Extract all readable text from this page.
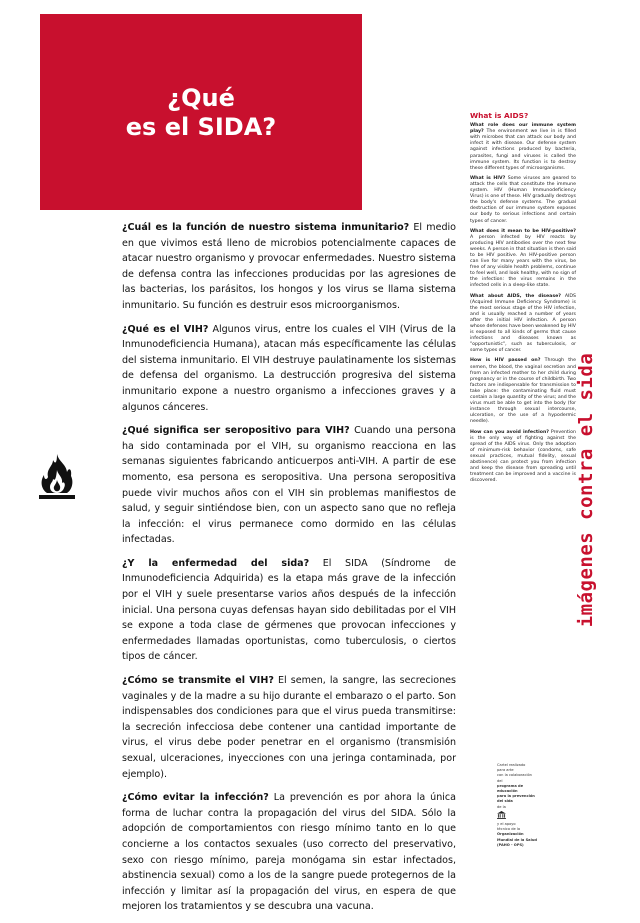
¿Qué
es el SIDA?

¿Cuál es la función de nuestro sistema inmunitario? El medio en que vivimos está lleno de microbios potencialmente capaces de atacar nuestro organismo y provocar enfermedades. Nuestro sistema de defensa contra las infecciones producidas por las agresiones de las bacterias, los parásitos, los hongos y los virus se llama sistema inmunitario. Su función es destruir esos microorganismos.

¿Qué es el VIH? Algunos virus, entre los cuales el VIH (Virus de la Inmunodeficiencia Humana), atacan más específicamente las células del sistema inmunitario. El VIH destruye paulatinamente los sistemas de defensa del organismo. La destrucción progresiva del sistema inmunitario expone a nuestro organismo a infecciones graves y a algunos cánceres.

¿Qué significa ser seropositivo para VIH? Cuando una persona ha sido contaminada por el VIH, su organismo reacciona en las semanas siguientes fabricando anticuerpos anti-VIH. A partir de ese momento, esa persona es seropositiva. Una persona seropositiva puede vivir muchos años con el VIH sin problemas manifiestos de salud, y seguir sintiéndose bien, con un aspecto sano que no refleja la infección: el virus permanece como dormido en las células infectadas.

¿Y la enfermedad del sida? El SIDA (Síndrome de Inmunodeficiencia Adquirida) es la etapa más grave de la infección por el VIH y suele presentarse varios años después de la infección inicial. Una persona cuyas defensas hayan sido debilitadas por el VIH se expone a toda clase de gérmenes que provocan infecciones y enfermedades llamadas oportunistas, como tuberculosis, o ciertos tipos de cáncer.

¿Cómo se transmite el VIH? El semen, la sangre, las secreciones vaginales y de la madre a su hijo durante el embarazo o el parto. Son indispensables dos condiciones para que el virus pueda transmitirse: la secreción infecciosa debe contener una cantidad importante de virus, el virus debe poder penetrar en el organismo (transmisión sexual, ulceraciones, inyecciones con una jeringa contaminada, por ejemplo).

¿Cómo evitar la infección? La prevención es por ahora la única forma de luchar contra la propagación del virus del SIDA. Sólo la adopción de comportamientos con riesgo mínimo tanto en lo que concierne a los contactos sexuales (uso correcto del preservativo, sexo con riesgo mínimo, pareja monógama sin estar infectados, abstinencia sexual) como a los de la sangre puede protegernos de la infección y limitar así la propagación del virus, en espera de que mejoren los tratamientos y se descubra una vacuna.

What is AIDS?

What role does our immune system play? The environment we live in is filled with microbes that can attack our body and infect it with disease. Our defense system against infections produced by bacteria, parasites, fungi and viruses is called the immune system. Its function is to destroy these different types of microorganisms.

What is HIV? Some viruses are geared to attack the cells that constitute the immune system. HIV (Human Immunodeficiency Virus) is one of these. HIV gradually destroys the body's defense systems. The gradual destruction of our immune system exposes our body to serious infections and certain types of cancer.

What does it mean to be HIV-positive? A person infected by HIV reacts by producing HIV antibodies over the next few weeks. A person in that situation is then said to be HIV positive. An HIV-positive person can live for many years with the virus, be free of any visible health problems, continue to feel well, and look healthy, with no sign of the infection: the virus remains in the infected cells in a sleep-like state.

What about AIDS, the disease? AIDS (Acquired Immune Deficiency Syndrome) is the most serious stage of the HIV infection, and is usually reached a number of years after the initial HIV infection. A person whose defenses have been weakened by HIV is exposed to all kinds of germs that cause infections and diseases known as "opportunistic", such as tuberculosis, or some types of cancer.

How is HIV passed on? Through the semen, the blood, the vaginal secretion and from an infected mother to her child during pregnancy or in the course of childbirth. Two factors are indispensable for transmission to take place: the contaminating fluid must contain a large quantity of the virus; and the virus must be able to get into the body (for instance through sexual intercourse, ulceration, or the use of a hypodermic needle).

How can you avoid infection? Prevention is the only way of fighting against the spread of the AIDS virus. Only the adoption of minimum-risk behavior (condoms, safe sexual practices, mutual fidelity, sexual abstinence) can protect you from infection and keep the disease from spreading until treatment can be improved and a vaccine is discovered.	imágenes contra el sida
Cartel realizado
para arte
con la colaboración
del
programa de
educación
para la prevención
del sida
de la
y el apoyo
técnico de la
Organización
Mundial de la Salud
(PAHO - OPS)
